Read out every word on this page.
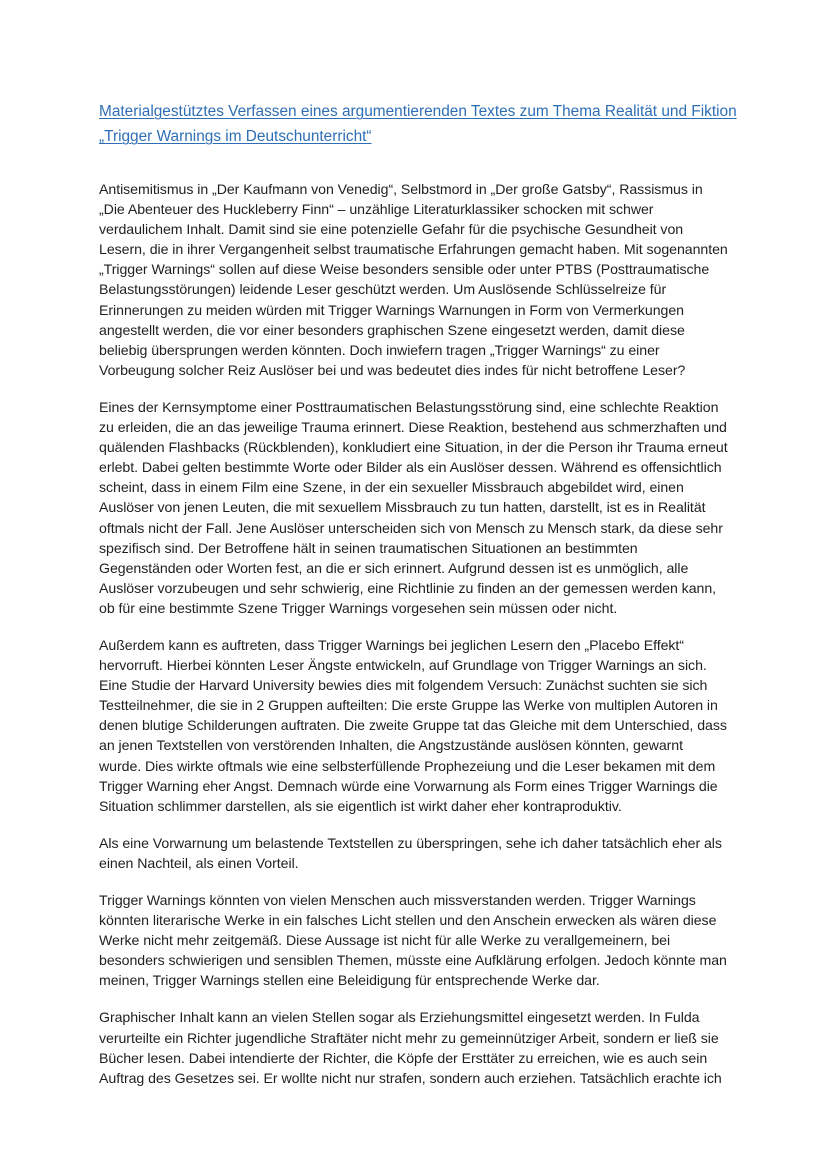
Materialgestütztes Verfassen eines argumentierenden Textes zum Thema Realität und Fiktion
„Trigger Warnings im Deutschunterricht“
Antisemitismus in „Der Kaufmann von Venedig“, Selbstmord in „Der große Gatsby“, Rassismus in
„Die Abenteuer des Huckleberry Finn“ – unzählige Literaturklassiker schocken mit schwer
verdaulichem Inhalt. Damit sind sie eine potenzielle Gefahr für die psychische Gesundheit von
Lesern, die in ihrer Vergangenheit selbst traumatische Erfahrungen gemacht haben. Mit sogenannten
„Trigger Warnings“ sollen auf diese Weise besonders sensible oder unter PTBS (Posttraumatische
Belastungsstörungen) leidende Leser geschützt werden. Um Auslösende Schlüsselreize für
Erinnerungen zu meiden würden mit Trigger Warnings Warnungen in Form von Vermerkungen
angestellt werden, die vor einer besonders graphischen Szene eingesetzt werden, damit diese
beliebig übersprungen werden könnten. Doch inwiefern tragen „Trigger Warnings“ zu einer
Vorbeugung solcher Reiz Auslöser bei und was bedeutet dies indes für nicht betroffene Leser?
Eines der Kernsymptome einer Posttraumatischen Belastungsstörung sind, eine schlechte Reaktion
zu erleiden, die an das jeweilige Trauma erinnert. Diese Reaktion, bestehend aus schmerzhaften und
quälenden Flashbacks (Rückblenden), konkludiert eine Situation, in der die Person ihr Trauma erneut
erlebt. Dabei gelten bestimmte Worte oder Bilder als ein Auslöser dessen. Während es offensichtlich
scheint, dass in einem Film eine Szene, in der ein sexueller Missbrauch abgebildet wird, einen
Auslöser von jenen Leuten, die mit sexuellem Missbrauch zu tun hatten, darstellt, ist es in Realität
oftmals nicht der Fall. Jene Auslöser unterscheiden sich von Mensch zu Mensch stark, da diese sehr
spezifisch sind. Der Betroffene hält in seinen traumatischen Situationen an bestimmten
Gegenständen oder Worten fest, an die er sich erinnert. Aufgrund dessen ist es unmöglich, alle
Auslöser vorzubeugen und sehr schwierig, eine Richtlinie zu finden an der gemessen werden kann,
ob für eine bestimmte Szene Trigger Warnings vorgesehen sein müssen oder nicht.
Außerdem kann es auftreten, dass Trigger Warnings bei jeglichen Lesern den „Placebo Effekt“
hervorruft. Hierbei könnten Leser Ängste entwickeln, auf Grundlage von Trigger Warnings an sich.
Eine Studie der Harvard University bewies dies mit folgendem Versuch: Zunächst suchten sie sich
Testteilnehmer, die sie in 2 Gruppen aufteilten: Die erste Gruppe las Werke von multiplen Autoren in
denen blutige Schilderungen auftraten. Die zweite Gruppe tat das Gleiche mit dem Unterschied, dass
an jenen Textstellen von verstörenden Inhalten, die Angstzustände auslösen könnten, gewarnt
wurde. Dies wirkte oftmals wie eine selbsterfüllende Prophezeiung und die Leser bekamen mit dem
Trigger Warning eher Angst. Demnach würde eine Vorwarnung als Form eines Trigger Warnings die
Situation schlimmer darstellen, als sie eigentlich ist wirkt daher eher kontraproduktiv.
Als eine Vorwarnung um belastende Textstellen zu überspringen, sehe ich daher tatsächlich eher als
einen Nachteil, als einen Vorteil.
Trigger Warnings könnten von vielen Menschen auch missverstanden werden. Trigger Warnings
könnten literarische Werke in ein falsches Licht stellen und den Anschein erwecken als wären diese
Werke nicht mehr zeitgemäß. Diese Aussage ist nicht für alle Werke zu verallgemeinern, bei
besonders schwierigen und sensiblen Themen, müsste eine Aufklärung erfolgen. Jedoch könnte man
meinen, Trigger Warnings stellen eine Beleidigung für entsprechende Werke dar.
Graphischer Inhalt kann an vielen Stellen sogar als Erziehungsmittel eingesetzt werden. In Fulda
verurteilte ein Richter jugendliche Straftäter nicht mehr zu gemeinnütziger Arbeit, sondern er ließ sie
Bücher lesen. Dabei intendierte der Richter, die Köpfe der Ersttäter zu erreichen, wie es auch sein
Auftrag des Gesetzes sei. Er wollte nicht nur strafen, sondern auch erziehen. Tatsächlich erachte ich
